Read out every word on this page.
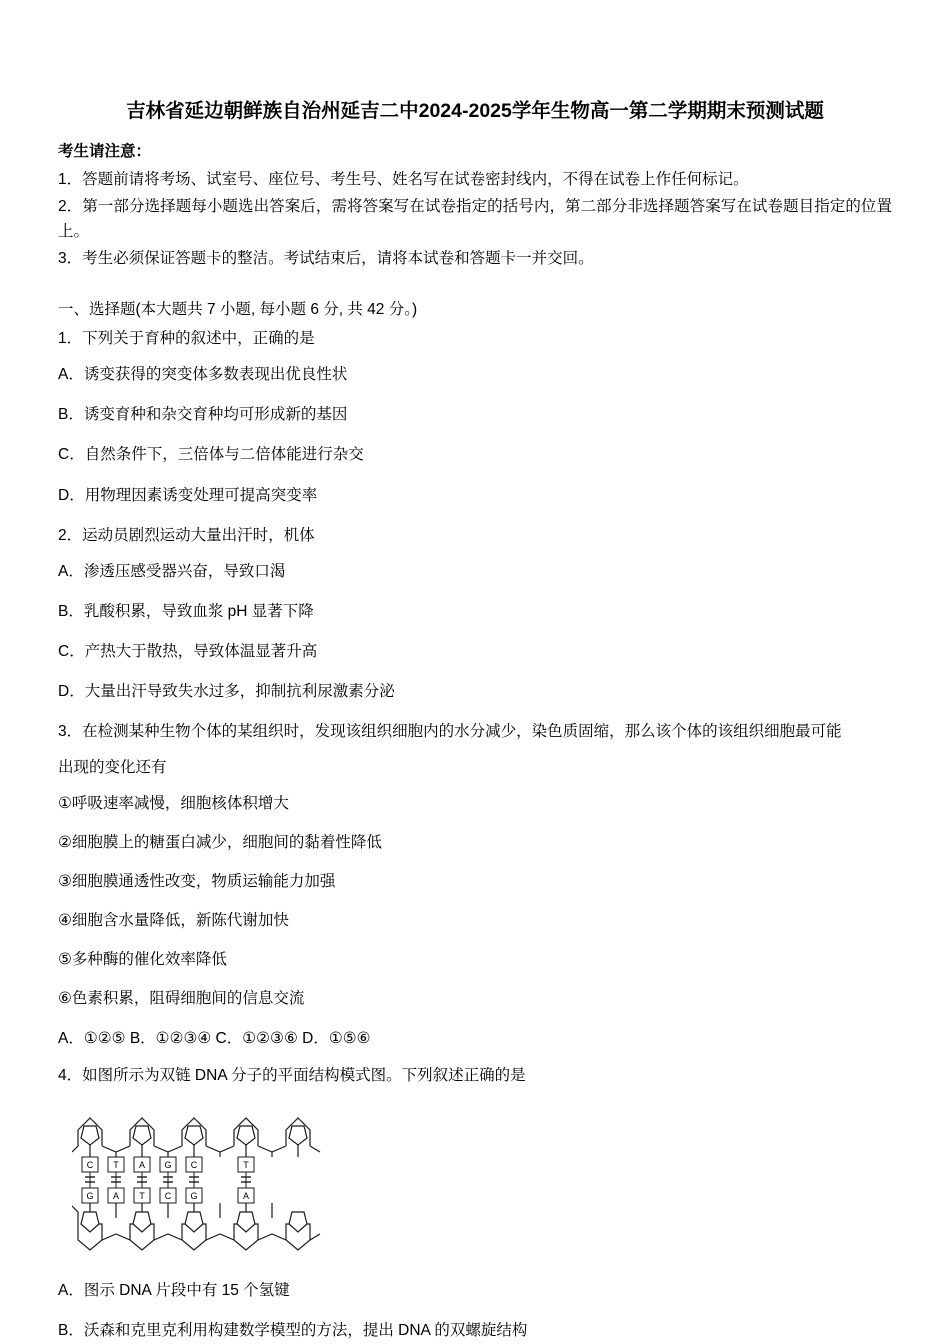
吉林省延边朝鲜族自治州延吉二中2024-2025学年生物高一第二学期期末预测试题

考生请注意：

1．答题前请将考场、试室号、座位号、考生号、姓名写在试卷密封线内，不得在试卷上作任何标记。

2．第一部分选择题每小题选出答案后，需将答案写在试卷指定的括号内，第二部分非选择题答案写在试卷题目指定的位置上。

3．考生必须保证答题卡的整洁。考试结束后，请将本试卷和答题卡一并交回。

一、选择题(本大题共 7 小题, 每小题 6 分, 共 42 分。)

1．下列关于育种的叙述中，正确的是

A．诱变获得的突变体多数表现出优良性状

B．诱变育种和杂交育种均可形成新的基因

C．自然条件下，三倍体与二倍体能进行杂交

D．用物理因素诱变处理可提高突变率

2．运动员剧烈运动大量出汗时，机体

A．渗透压感受器兴奋，导致口渴

B．乳酸积累，导致血浆 pH 显著下降

C．产热大于散热，导致体温显著升高

D．大量出汗导致失水过多，抑制抗利尿激素分泌

3．在检测某种生物个体的某组织时，发现该组织细胞内的水分减少，染色质固缩，那么该个体的该组织细胞最可能

出现的变化还有

①呼吸速率减慢，细胞核体积增大

②细胞膜上的糖蛋白减少，细胞间的黏着性降低

③细胞膜通透性改变，物质运输能力加强

④细胞含水量降低，新陈代谢加快

⑤多种酶的催化效率降低

⑥色素积累，阻碍细胞间的信息交流

A．①②⑤ B．①②③④ C．①②③⑥ D．①⑤⑥

4．如图所示为双链 DNA 分子的平面结构模式图。下列叙述正确的是

C T A G C	T
G A T C G	A

A．图示 DNA 片段中有 15 个氢键

B．沃森和克里克利用构建数学模型的方法，提出 DNA 的双螺旋结构
